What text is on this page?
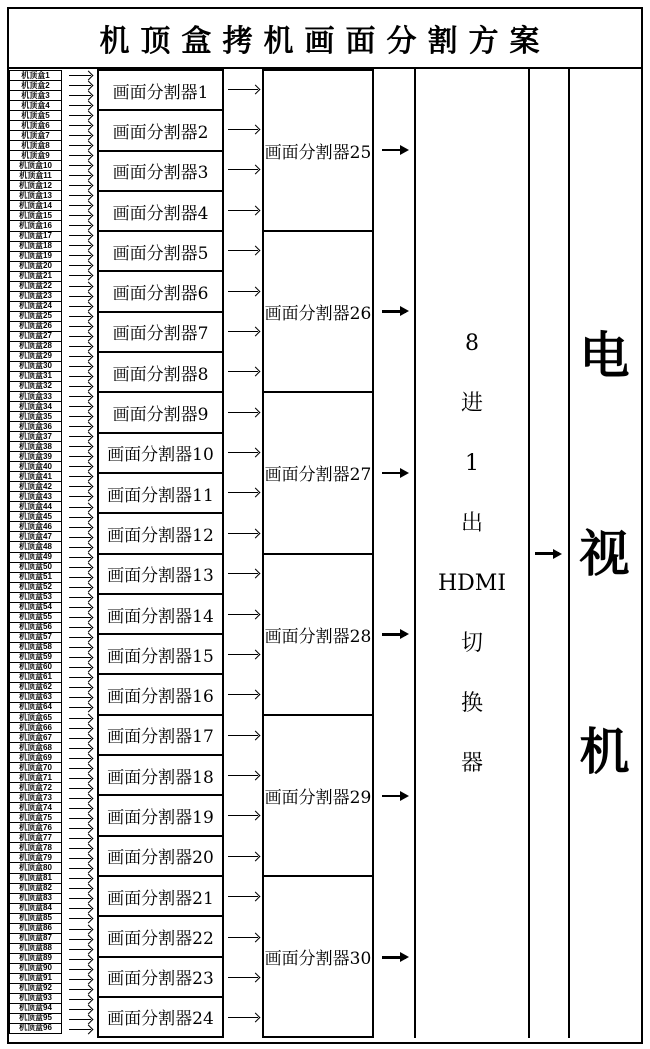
机顶盒拷机画面分割方案
机顶盒1
机顶盒2
机顶盒3
机顶盒4
机顶盒5
机顶盒6
机顶盒7
机顶盒8
机顶盒9
机顶盒10
机顶盒11
机顶盒12
机顶盒13
机顶盒14
机顶盒15
机顶盒16
机顶盒17
机顶盒18
机顶盒19
机顶盒20
机顶盒21
机顶盒22
机顶盒23
机顶盒24
机顶盒25
机顶盒26
机顶盒27
机顶盒28
机顶盒29
机顶盒30
机顶盒31
机顶盒32
机顶盒33
机顶盒34
机顶盒35
机顶盒36
机顶盒37
机顶盒38
机顶盒39
机顶盒40
机顶盒41
机顶盒42
机顶盒43
机顶盒44
机顶盒45
机顶盒46
机顶盒47
机顶盒48
机顶盒49
机顶盒50
机顶盒51
机顶盒52
机顶盒53
机顶盒54
机顶盒55
机顶盒56
机顶盒57
机顶盒58
机顶盒59
机顶盒60
机顶盒61
机顶盒62
机顶盒63
机顶盒64
机顶盒65
机顶盒66
机顶盒67
机顶盒68
机顶盒69
机顶盒70
机顶盒71
机顶盒72
机顶盒73
机顶盒74
机顶盒75
机顶盒76
机顶盒77
机顶盒78
机顶盒79
机顶盒80
机顶盒81
机顶盒82
机顶盒83
机顶盒84
机顶盒85
机顶盒86
机顶盒87
机顶盒88
机顶盒89
机顶盒90
机顶盒91
机顶盒92
机顶盒93
机顶盒94
机顶盒95
机顶盒96
画面分割器1
画面分割器2
画面分割器3
画面分割器4
画面分割器5
画面分割器6
画面分割器7
画面分割器8
画面分割器9
画面分割器10
画面分割器11
画面分割器12
画面分割器13
画面分割器14
画面分割器15
画面分割器16
画面分割器17
画面分割器18
画面分割器19
画面分割器20
画面分割器21
画面分割器22
画面分割器23
画面分割器24
画面分割器25
画面分割器26
画面分割器27
画面分割器28
画面分割器29
画面分割器30
8
进
1
出
HDMI
切
换
器
电
视
机
